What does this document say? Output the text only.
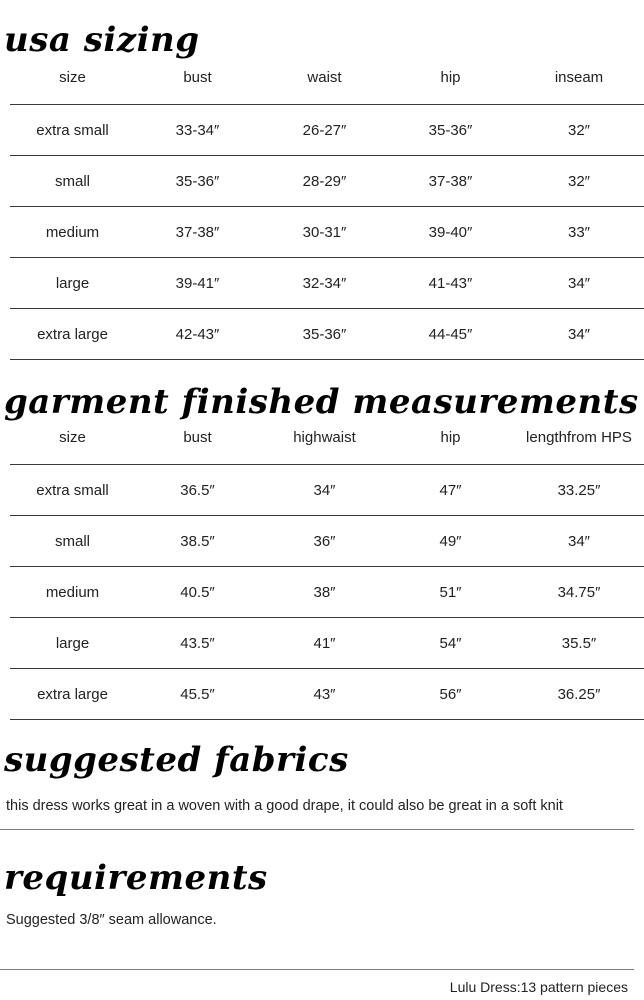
usa sizing
size	bust	waist	hip	inseam
extra small	33-34″	26-27″	35-36″	32″
small	35-36″	28-29″	37-38″	32″
medium	37-38″	30-31″	39-40″	33″
large	39-41″	32-34″	41-43″	34″
extra large	42-43″	35-36″	44-45″	34″
garment finished measurements
size	bust	high waist	hip	length from HPS
extra small	36.5″	34″	47″	33.25″
small	38.5″	36″	49″	34″
medium	40.5″	38″	51″	34.75″
large	43.5″	41″	54″	35.5″
extra large	45.5″	43″	56″	36.25″
suggested fabrics
this dress works great in a woven with a good drape, it could also be great in a soft knit
requirements
Suggested 3/8″ seam allowance.
Lulu Dress:13 pattern pieces
